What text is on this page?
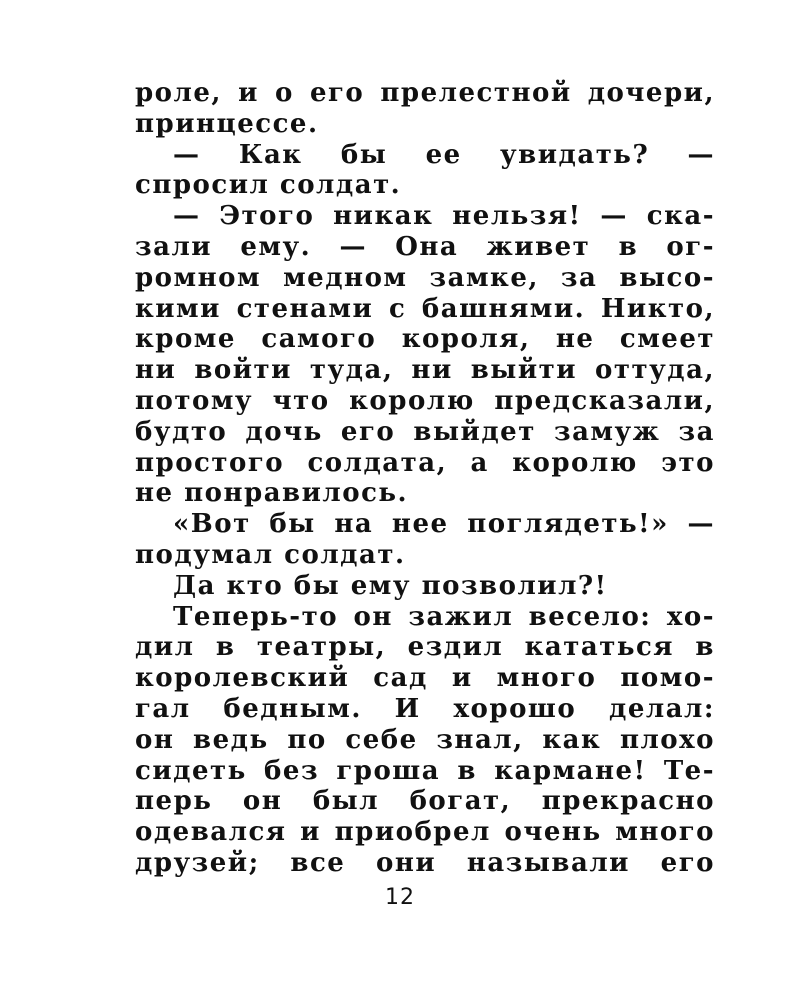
роле, и о его прелестной дочери,
принцессе.
— Как бы ее увидать? —
спросил солдат.
— Этого никак нельзя! — ска-
зали ему. — Она живет в ог-
ромном медном замке, за высо-
кими стенами с башнями. Никто,
кроме самого короля, не смеет
ни войти туда, ни выйти оттуда,
потому что королю предсказали,
будто дочь его выйдет замуж за
простого солдата, а королю это
не понравилось.
«Вот бы на нее поглядеть!» —
подумал солдат.
Да кто бы ему позволил?!
Теперь-то он зажил весело: хо-
дил в театры, ездил кататься в
королевский сад и много помо-
гал бедным. И хорошо делал:
он ведь по себе знал, как плохо
сидеть без гроша в кармане! Те-
перь он был богат, прекрасно
одевался и приобрел очень много
друзей; все они называли его
12
